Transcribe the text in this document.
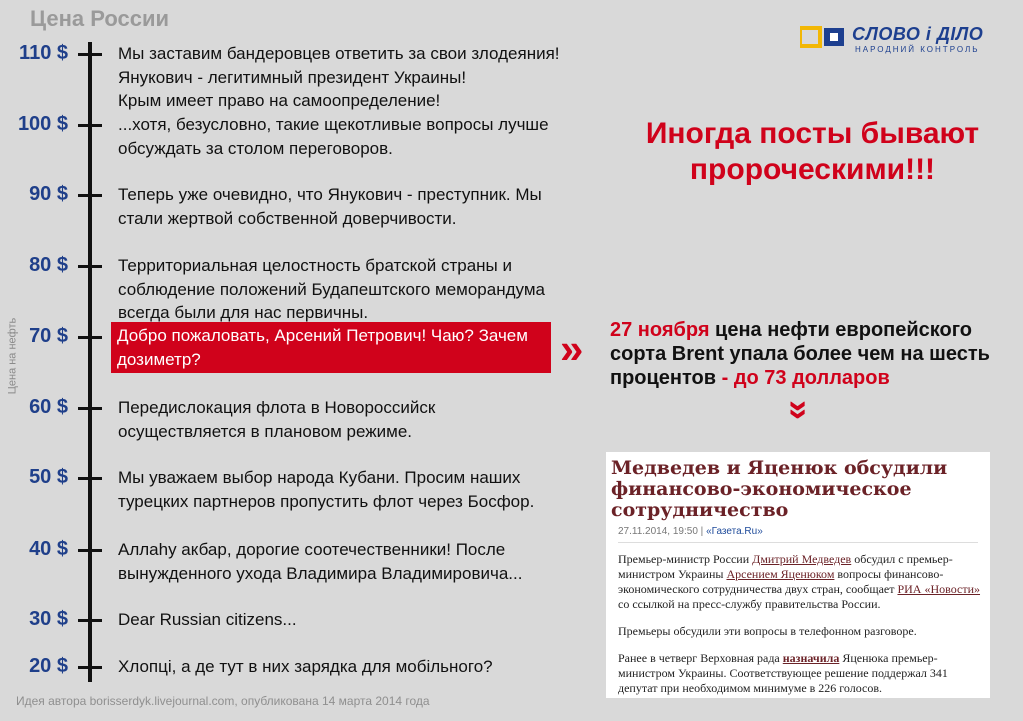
Цена России
СЛОВО і ДІЛО
НАРОДНИЙ КОНТРОЛЬ
Цена на нефть
110 $	Мы заставим бандеровцев ответить за свои злодеяния!
Янукович - легитимный президент Украины!
Крым имеет право на самоопределение!
100 $	...хотя, безусловно, такие щекотливые вопросы лучше
обсуждать за столом переговоров.
90 $	Теперь уже очевидно, что Янукович - преступник. Мы
стали жертвой собственной доверчивости.
80 $	Территориальная целостность братской страны и
соблюдение положений Будапештского меморандума
всегда были для нас первичны.
70 $	Добро пожаловать, Арсений Петрович! Чаю? Зачем
дозиметр?
60 $	Передислокация флота в Новороссийск
осуществляется в плановом режиме.
50 $	Мы уважаем выбор народа Кубани. Просим наших
турецких партнеров пропустить флот через Босфор.
40 $	Аллаһу акбар, дорогие соотечественники! После
вынужденного ухода Владимира Владимировича...
30 $	Dear Russian citizens...
20 $	Хлопці, а де тут в них зарядка для мобільного?
Иногда посты бывают
пророческими!!!
» 27 ноября цена нефти европейского сорта Brent упала более чем на шесть процентов - до 73 долларов
»
Медведев и Яценюк обсудили финансово-экономическое сотрудничество
27.11.2014, 19:50 | «Газета.Ru»

Премьер-министр России Дмитрий Медведев обсудил с премьер-министром Украины Арсением Яценюком вопросы финансово-экономического сотрудничества двух стран, сообщает РИА «Новости» со ссылкой на пресс-службу правительства России.

Премьеры обсудили эти вопросы в телефонном разговоре.

Ранее в четверг Верховная рада назначила Яценюка премьер-министром Украины. Соответствующее решение поддержал 341 депутат при необходимом минимуме в 226 голосов.

Идея автора borisserdyk.livejournal.com, опубликована 14 марта 2014 года
